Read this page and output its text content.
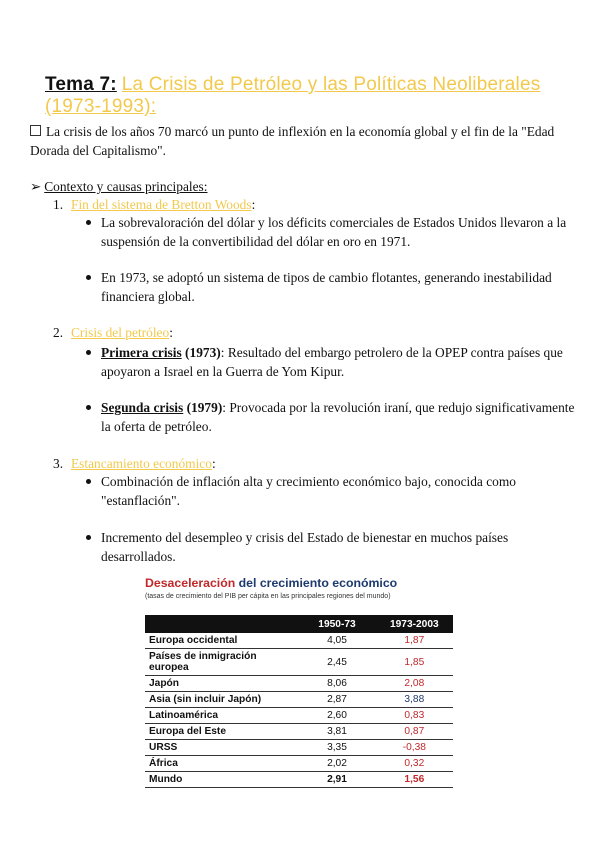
Tema 7: La Crisis de Petróleo y las Políticas Neoliberales (1973-1993):
La crisis de los años 70 marcó un punto de inflexión en la economía global y el fin de la "Edad Dorada del Capitalismo".
➢ Contexto y causas principales:
1. Fin del sistema de Bretton Woods:
La sobrevaloración del dólar y los déficits comerciales de Estados Unidos llevaron a la suspensión de la convertibilidad del dólar en oro en 1971.
En 1973, se adoptó un sistema de tipos de cambio flotantes, generando inestabilidad financiera global.
2. Crisis del petróleo:
Primera crisis (1973): Resultado del embargo petrolero de la OPEP contra países que apoyaron a Israel en la Guerra de Yom Kipur.
Segunda crisis (1979): Provocada por la revolución iraní, que redujo significativamente la oferta de petróleo.
3. Estancamiento económico:
Combinación de inflación alta y crecimiento económico bajo, conocida como "estanflación".
Incremento del desempleo y crisis del Estado de bienestar en muchos países desarrollados.
Desaceleración del crecimiento económico
(tasas de crecimiento del PIB per cápita en las principales regiones del mundo)
	1950-73	1973-2003
Europa occidental	4,05	1,87
Países de inmigración europea	2,45	1,85
Japón	8,06	2,08
Asia (sin incluir Japón)	2,87	3,88
Latinoamérica	2,60	0,83
Europa del Este	3,81	0,87
URSS	3,35	-0,38
África	2,02	0,32
Mundo	2,91	1,56
